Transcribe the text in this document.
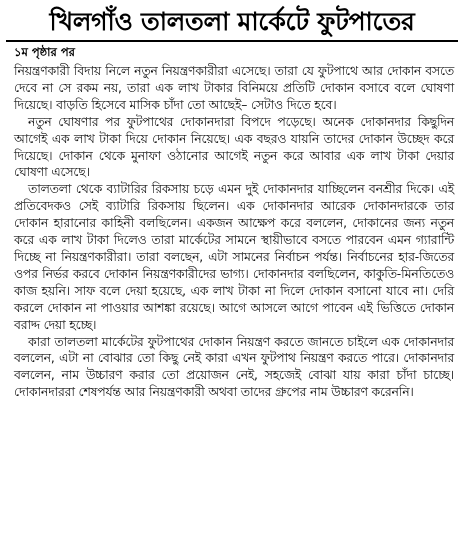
খিলগাঁও তালতলা মার্কেটে ফুটপাতের
১ম পৃষ্ঠার পর

নিয়ন্ত্রণকারী বিদায় নিলে নতুন নিয়ন্ত্রণকারীরা এসেছে। তারা যে ফুটপাথে আর দোকান বসতে দেবে না সে রকম নয়, তারা এক লাখ টাকার বিনিময়ে প্রতিটি দোকান বসাবে বলে ঘোষণা দিয়েছে। বাড়তি হিসেবে মাসিক চাঁদা তো আছেই– সেটাও দিতে হবে।

নতুন ঘোষণার পর ফুটপাথের দোকানদারা বিপদে পড়েছে। অনেক দোকানদার কিছুদিন আগেই এক লাখ টাকা দিয়ে দোকান নিয়েছে। এক বছরও যায়নি তাদের দোকান উচ্ছেদ করে দিয়েছে। দোকান থেকে মুনাফা ওঠানোর আগেই নতুন করে আবার এক লাখ টাকা দেয়ার ঘোষণা এসেছে।

তালতলা থেকে ব্যাটারির রিকসায় চড়ে এমন দুই দোকানদার যাচ্ছিলেন বনশ্রীর দিকে। এই প্রতিবেদকও সেই ব্যাটারি রিকসায় ছিলেন। এক দোকানদার আরেক দোকানদারকে তার দোকান হারানোর কাহিনী বলছিলেন। একজন আক্ষেপ করে বললেন, দোকানের জন্য নতুন করে এক লাখ টাকা দিলেও তারা মার্কেটের সামনে স্থায়ীভাবে বসতে পারবেন এমন গ্যারান্টি দিচ্ছে না নিয়ন্ত্রণকারীরা। তারা বলছেন, এটা সামনের নির্বাচন পর্যন্ত। নির্বাচনের হার-জিতের ওপর নির্ভর করবে দোকান নিয়ন্ত্রণকারীদের ভাগ্য। দোকানদার বলছিলেন, কাকুতি-মিনতিতেও কাজ হয়নি। সাফ বলে দেয়া হয়েছে, এক লাখ টাকা না দিলে দোকান বসানো যাবে না। দেরি করলে দোকান না পাওয়ার আশঙ্কা রয়েছে। আগে আসলে আগে পাবেন এই ভিত্তিতে দোকান বরাদ্দ দেয়া হচ্ছে।

কারা তালতলা মার্কেটের ফুটপাথের দোকান নিয়ন্ত্রণ করতে জানতে চাইলে এক দোকানদার বললেন, এটা না বোঝার তো কিছু নেই কারা এখন ফুটপাথ নিয়ন্ত্রণ করতে পারে। দোকানদার বললেন, নাম উচ্চারণ করার তো প্রয়োজন নেই, সহজেই বোঝা যায় কারা চাঁদা চাচ্ছে। দোকানদাররা শেষপর্যন্ত আর নিয়ন্ত্রণকারী অথবা তাদের গ্রুপের নাম উচ্চারণ করেননি।
